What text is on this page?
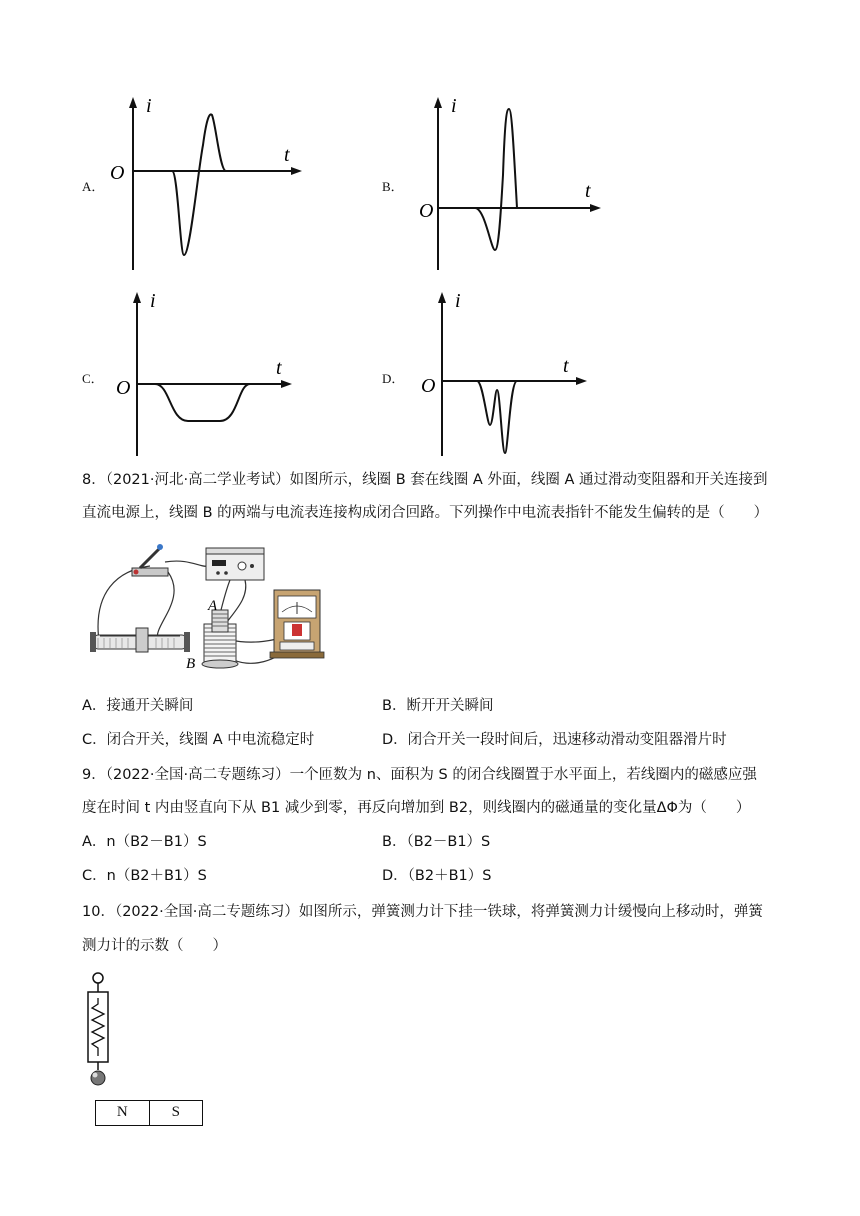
A．
i
t
O
B．
i
t
O
C．
i
t
O	D．
i
t
O
8．（2021·河北·高二学业考试）如图所示，线圈 B 套在线圈 A 外面，线圈 A 通过滑动变阻器和开关连接到
直流电源上，线圈 B 的两端与电流表连接构成闭合回路。下列操作中电流表指针不能发生偏转的是（　　）
A
B
A．接通开关瞬间	B．断开开关瞬间
C．闭合开关，线圈 A 中电流稳定时	D．闭合开关一段时间后，迅速移动滑动变阻器滑片时
9．（2022·全国·高二专题练习）一个匝数为 n、面积为 S 的闭合线圈置于水平面上，若线圈内的磁感应强
度在时间 t 内由竖直向下从 B1 减少到零，再反向增加到 B2，则线圈内的磁通量的变化量ΔΦ为（　　）
A．n（B2－B1）S	B．（B2－B1）S
C．n（B2＋B1）S	D．（B2＋B1）S
10．（2022·全国·高二专题练习）如图所示，弹簧测力计下挂一铁球，将弹簧测力计缓慢向上移动时，弹簧
测力计的示数（　　）
N	S
